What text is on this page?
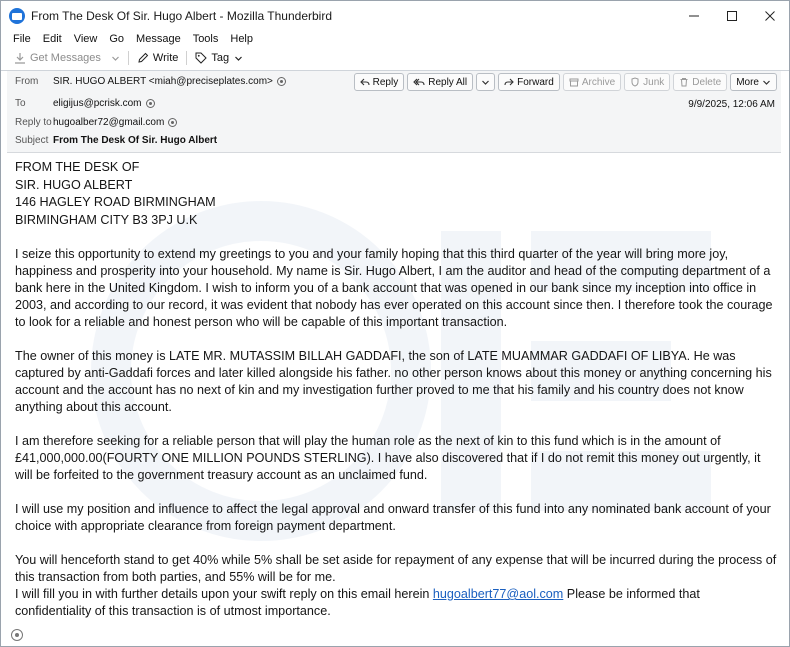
From The Desk Of Sir. Hugo Albert - Mozilla Thunderbird
File Edit View Go Message Tools Help
Get Messages	Write	Tag
From	SIR. HUGO ALBERT <miah@preciseplates.com>
To	eligijus@pcrisk.com
Reply to hugoalber72@gmail.com
Subject From The Desk Of Sir. Hugo Albert
Reply	Reply All	Forward	Archive	Junk	Delete More
9/9/2025, 12:06 AM
FROM THE DESK OF
SIR. HUGO ALBERT
146 HAGLEY ROAD BIRMINGHAM
BIRMINGHAM CITY B3 3PJ U.K

I seize this opportunity to extend my greetings to you and your family hoping that this third quarter of the year will bring more joy, happiness and prosperity into your household. My name is Sir. Hugo Albert, I am the auditor and head of the computing department of a bank here in the United Kingdom. I wish to inform you of a bank account that was opened in our bank since my inception into office in 2003, and according to our record, it was evident that nobody has ever operated on this account since then. I therefore took the courage to look for a reliable and honest person who will be capable of this important transaction.

The owner of this money is LATE MR. MUTASSIM BILLAH GADDAFI, the son of LATE MUAMMAR GADDAFI OF LIBYA. He was captured by anti-Gaddafi forces and later killed alongside his father. no other person knows about this money or anything concerning his account and the account has no next of kin and my investigation further proved to me that his family and his country does not know anything about this account.

I am therefore seeking for a reliable person that will play the human role as the next of kin to this fund which is in the amount of £41,000,000.00(FOURTY ONE MILLION POUNDS STERLING). I have also discovered that if I do not remit this money out urgently, it will be forfeited to the government treasury account as an unclaimed fund.

I will use my position and influence to affect the legal approval and onward transfer of this fund into any nominated bank account of your choice with appropriate clearance from foreign payment department.

You will henceforth stand to get 40% while 5% shall be set aside for repayment of any expense that will be incurred during the process of this transaction from both parties, and 55% will be for me.

I will fill you in with further details upon your swift reply on this email herein hugoalbert77@aol.com Please be informed that confidentiality of this transaction is of utmost importance.
